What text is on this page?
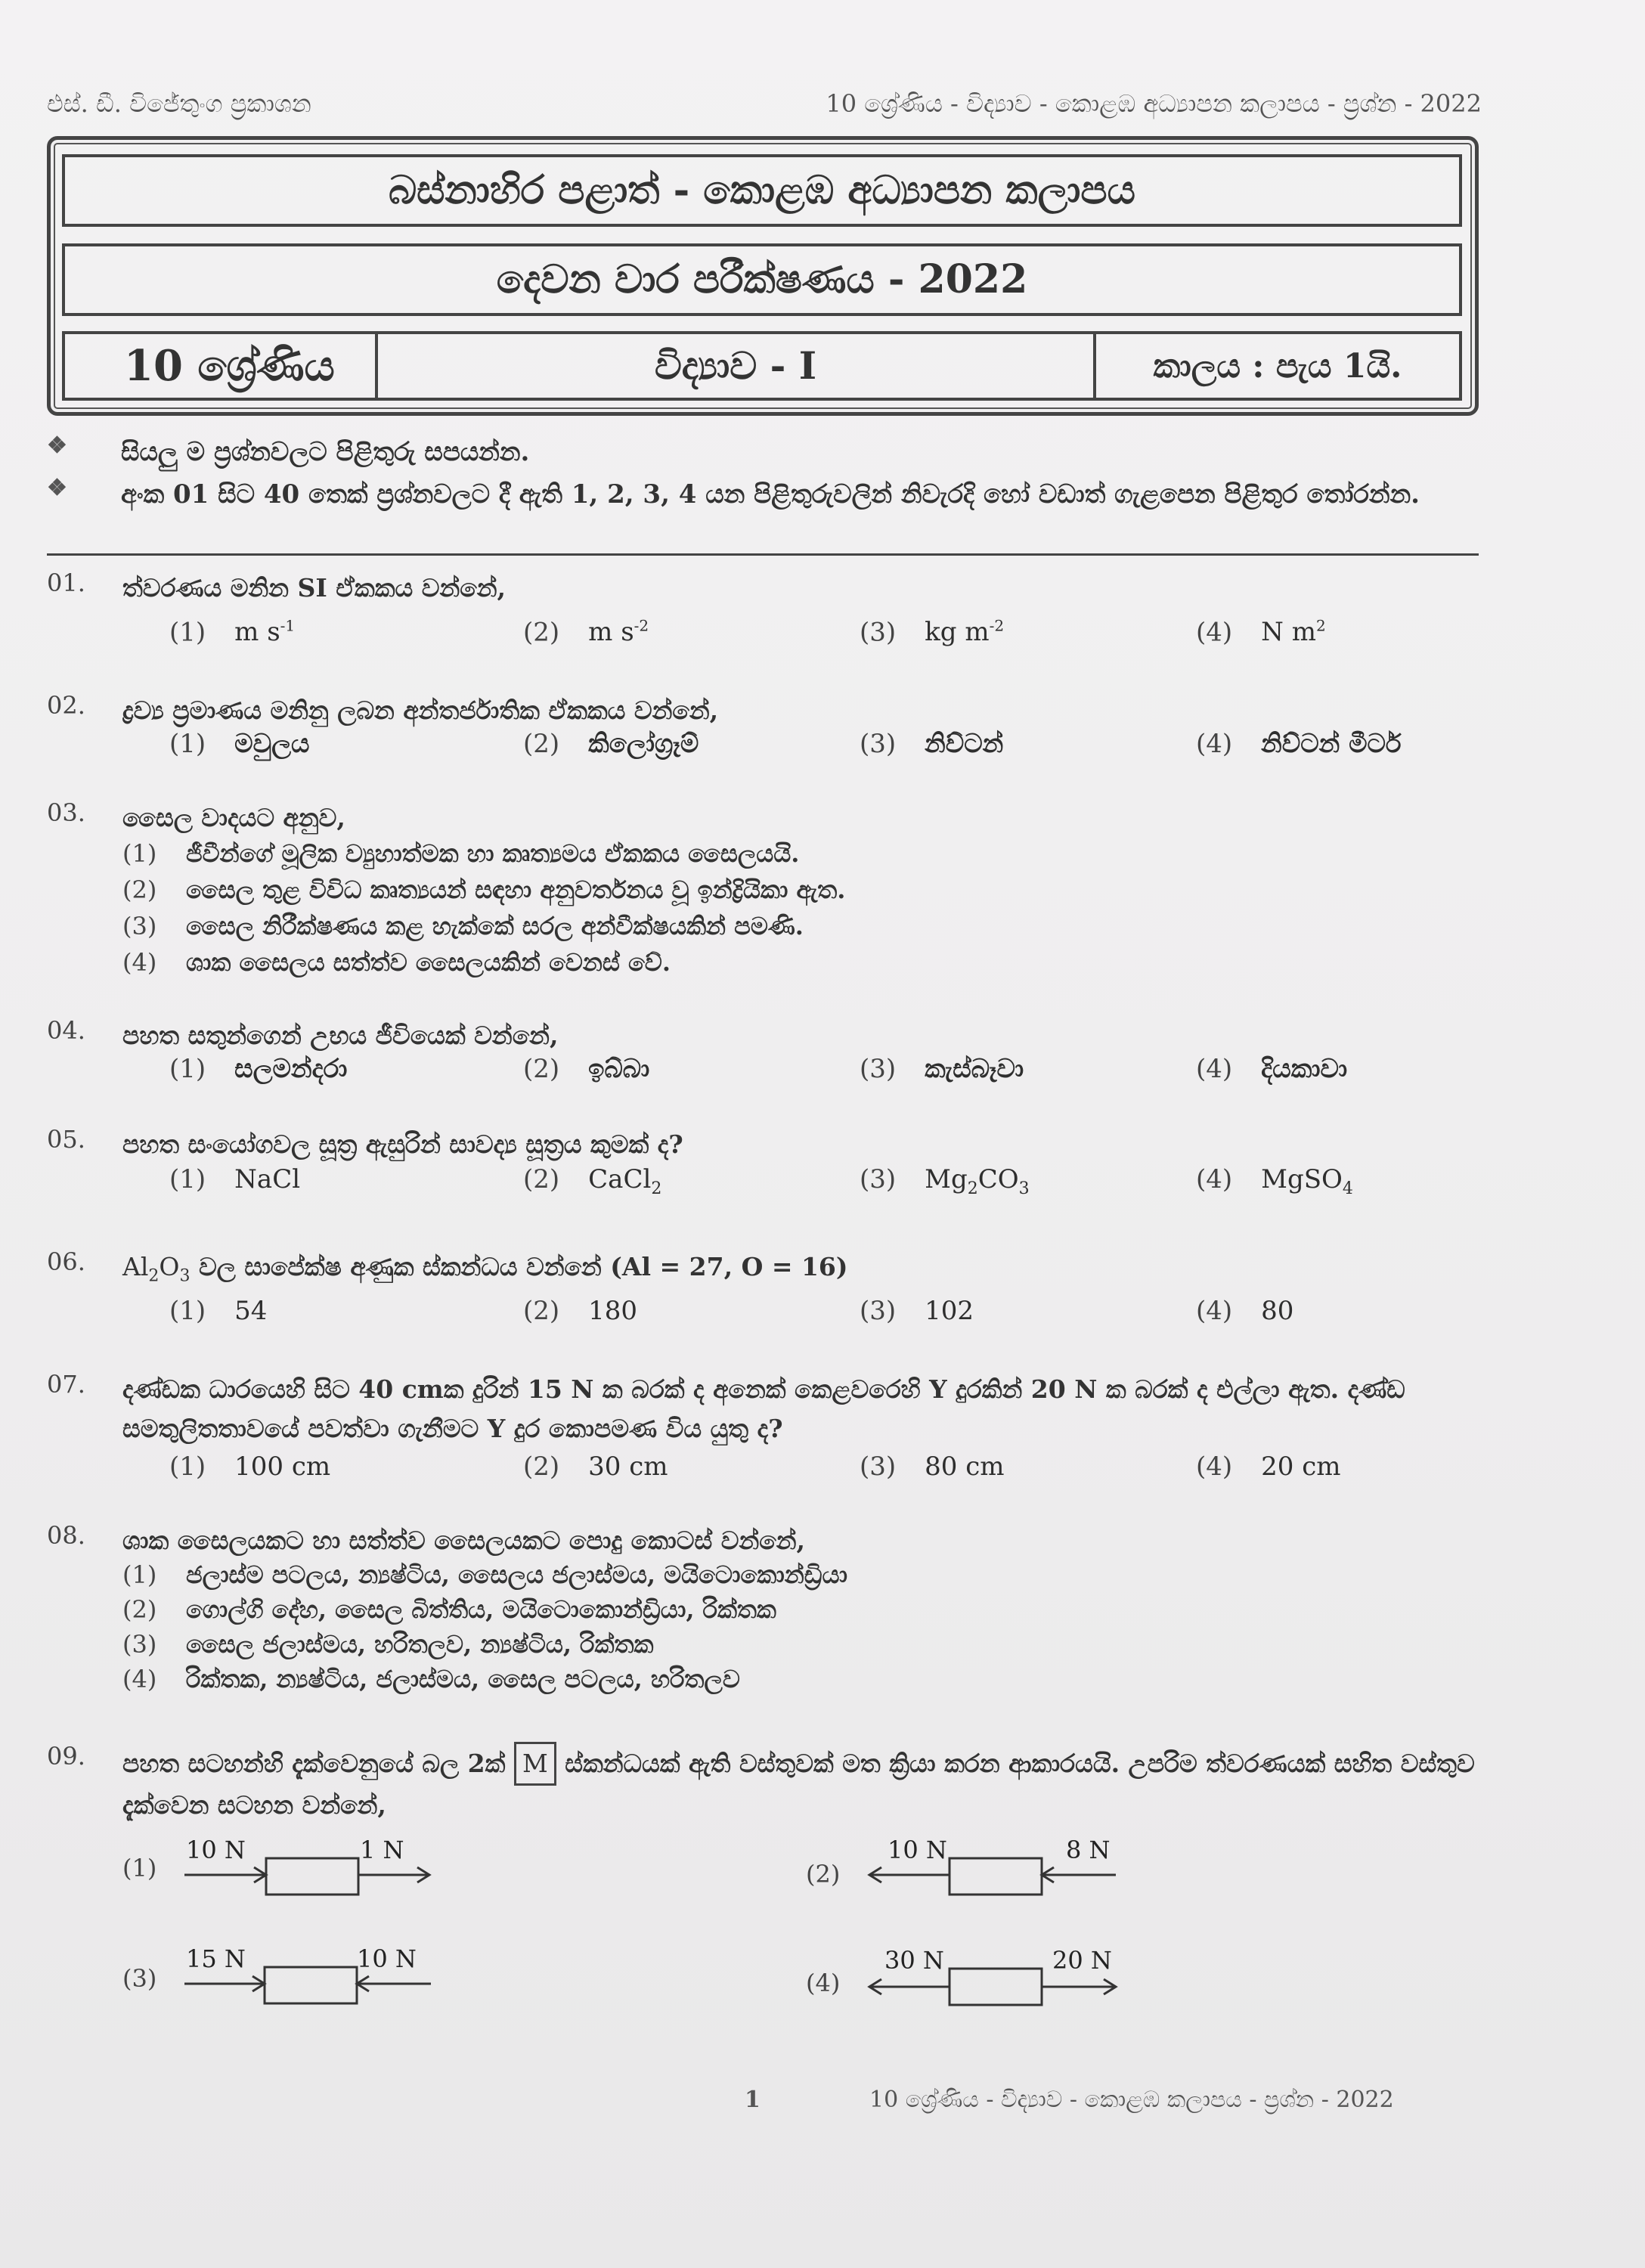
එස්. ඩී. විජේතුංග ප්‍රකාශන	10 ශ්‍රේණිය - විද්‍යාව - කොළඹ අධ්‍යාපන කලාපය - ප්‍රශ්න - 2022
බස්නාහිර පළාත් - කොළඹ අධ්‍යාපන කලාපය
දෙවන වාර පරීක්ෂණය - 2022
10 ශ්‍රේණිය	විද්‍යාව - I	කාලය : පැය 1යි.
❖ සියලු ම ප්‍රශ්නවලට පිළිතුරු සපයන්න.
❖ අංක 01 සිට 40 තෙක් ප්‍රශ්නවලට දී ඇති 1, 2, 3, 4 යන පිළිතුරුවලින් නිවැරදි හෝ වඩාත් ගැළපෙන පිළිතුර තෝරන්න.
01. ත්වරණය මනින SI ඒකකය වන්නේ,
(1) m $s^{-1}$	(2) m $s^{-2}$	(3) kg $m^{-2}$	(4) N $m^2$
02. ද්‍රව්‍ය ප්‍රමාණය මනිනු ලබන අන්තර්ජාතික ඒකකය වන්නේ,
(1) මවුලය	(2) කිලෝග්‍රෑම්	(3) නිව්ටන්	(4) නිව්ටන් මීටර්
03. සෛල වාදයට අනුව,
(1) ජීවීන්ගේ මූලික ව්‍යුහාත්මක හා කෘත්‍යමය ඒකකය සෛලයයි.
(2) සෛල තුළ විවිධ කෘත්‍යයන් සඳහා අනුවර්තනය වූ ඉන්ද්‍රියිකා ඇත.
(3) සෛල නිරීක්ෂණය කළ හැක්කේ සරල අන්වීක්ෂයකින් පමණි.
(4) ශාක සෛලය සත්ත්ව සෛලයකින් වෙනස් වේ.
04. පහත සතුන්ගෙන් උභය ජීවියෙක් වන්නේ,
(1) සලමන්දරා	(2) ඉබ්බා	(3) කැස්බෑවා	(4) දියකාවා
05. පහත සංයෝගවල සූත්‍ර ඇසුරින් සාවද්‍ය සූත්‍රය කුමක් ද?
(1) NaCl	(2) CaCl$_2$	(3) $Mg_2CO_3$	(4) MgSO$_4$
06. $Al_2O_3$ වල සාපේක්ෂ අණුක ස්කන්ධය වන්නේ (Al = 27, O = 16)
(1) 54	(2) 180	(3) 102	(4) 80
07. දණ්ඩක ධාරයෙහි සිට 40 cmක දුරින් 15 N ක බරක් ද අනෙක් කෙළවරෙහි Y දුරකින් 20 N ක බරක් ද එල්ලා ඇත. දණ්ඩ සමතුලිතතාවයේ පවත්වා ගැනීමට Y දුර කොපමණ විය යුතු ද?
(1) 100 cm	(2) 30 cm	(3) 80 cm	(4) 20 cm
08. ශාක සෛලයකට හා සත්ත්ව සෛලයකට පොදු කොටස් වන්නේ,
(1) ජලාස්ම පටලය, න්‍යෂ්ටිය, සෛලය ජලාස්මය, මයිටොකොන්ඩ්‍රියා
(2) ගොල්ගි දේහ, සෛල බිත්තිය, මයිටොකොන්ඩ්‍රියා, රික්තක
(3) සෛල ජලාස්මය, හරිතලව, න්‍යෂ්ටිය, රික්තක
(4) රික්තක, න්‍යෂ්ටිය, ජලාස්මය, සෛල පටලය, හරිතලව
09. පහත සටහන්හි දැක්වෙනුයේ බල 2ක් M ස්කන්ධයක් ඇති වස්තුවක් මත ක්‍රියා කරන ආකාරයයි. උපරිම ත්වරණයක් සහිත වස්තුව දැක්වෙන සටහන වන්නේ,
(1)
10 N	1 N
(2)
10 N	8 N
(3)
15 N	10 N
(4)
30 N	20 N
1	10 ශ්‍රේණිය - විද්‍යාව - කොළඹ කලාපය - ප්‍රශ්න - 2022
